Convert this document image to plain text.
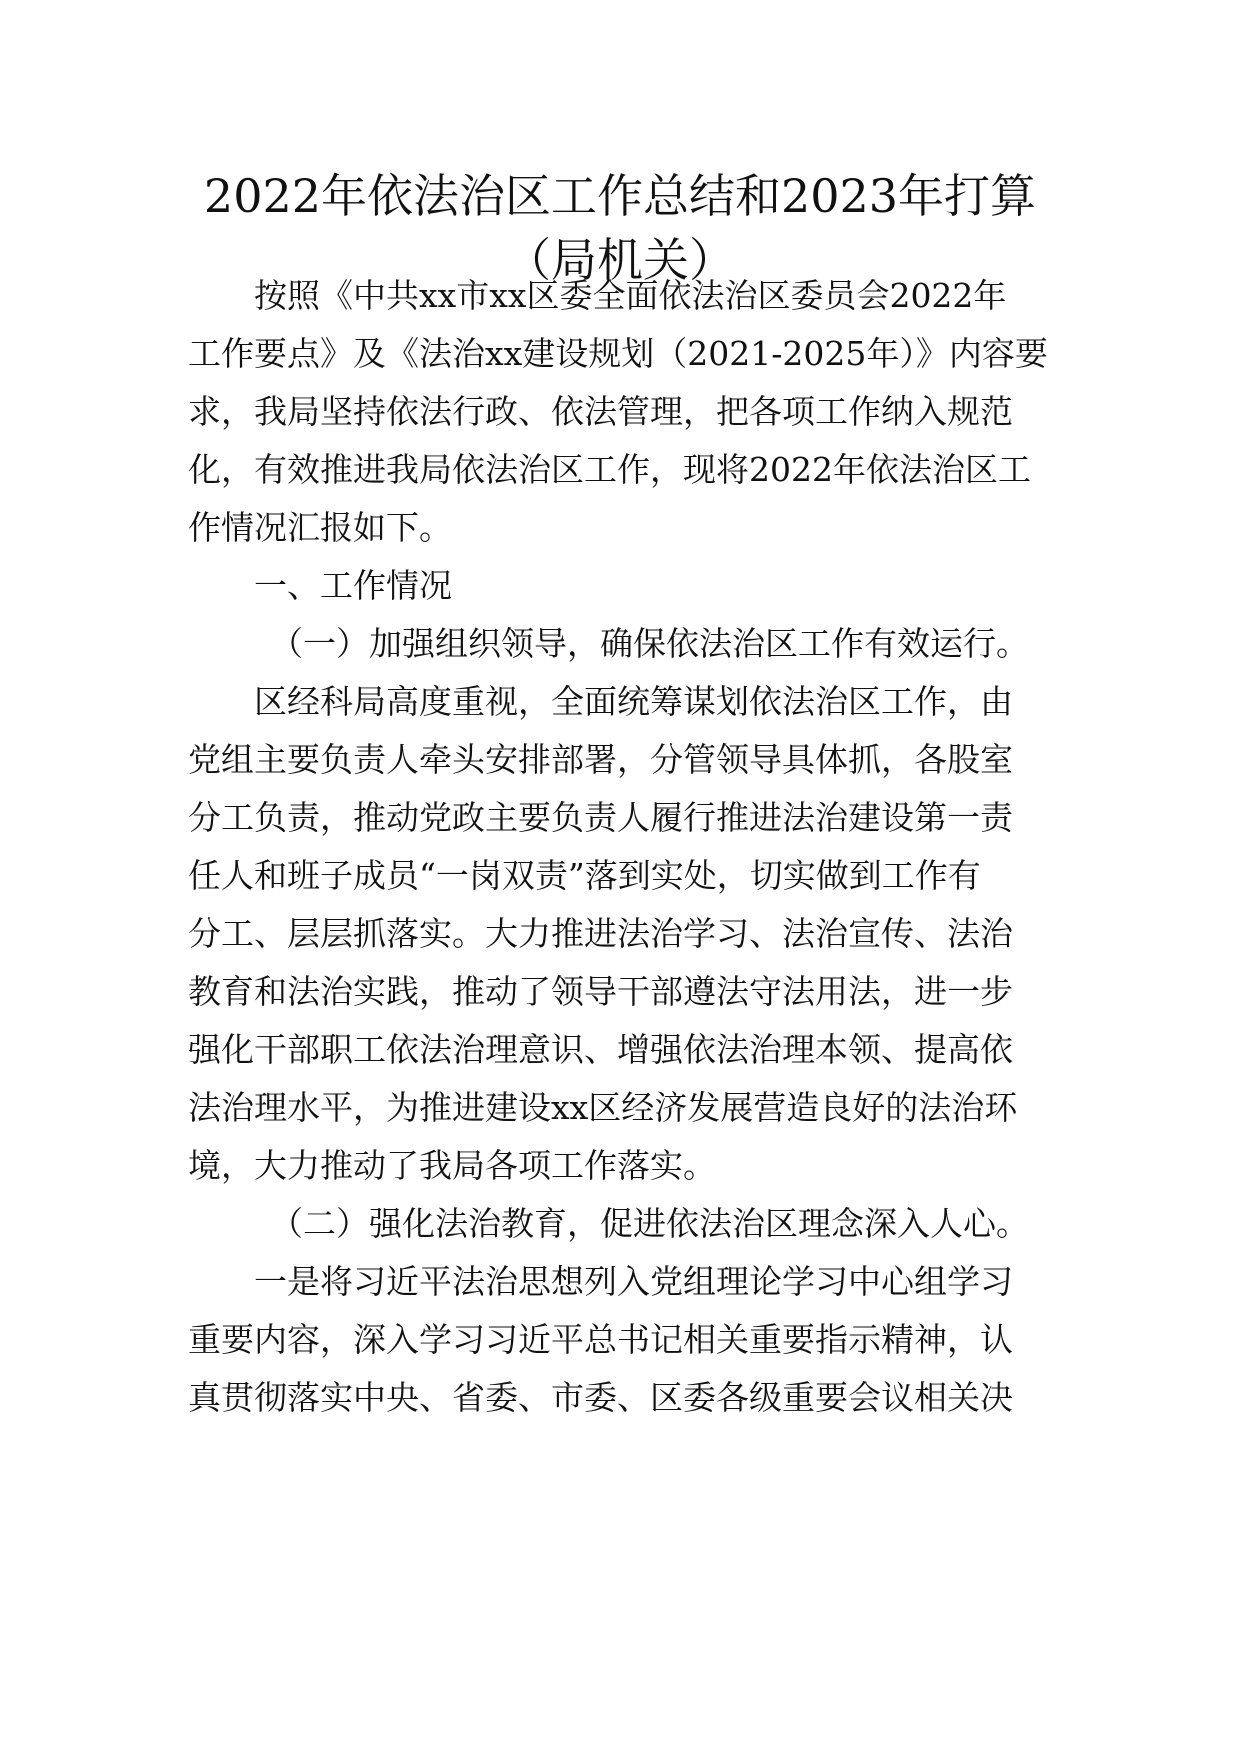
2022年依法治区工作总结和2023年打算
（局机关）
按照《中共xx市xx区委全面依法治区委员会2022年
工作要点》及《法治xx建设规划（2021-2025年）》内容要
求，我局坚持依法行政、依法管理，把各项工作纳入规范
化，有效推进我局依法治区工作，现将2022年依法治区工
作情况汇报如下。
一、工作情况
（一）加强组织领导，确保依法治区工作有效运行。
区经科局高度重视，全面统筹谋划依法治区工作，由
党组主要负责人牵头安排部署，分管领导具体抓，各股室
分工负责，推动党政主要负责人履行推进法治建设第一责
任人和班子成员“一岗双责”落到实处，切实做到工作有
分工、层层抓落实。大力推进法治学习、法治宣传、法治
教育和法治实践，推动了领导干部遵法守法用法，进一步
强化干部职工依法治理意识、增强依法治理本领、提高依
法治理水平，为推进建设xx区经济发展营造良好的法治环
境，大力推动了我局各项工作落实。
（二）强化法治教育，促进依法治区理念深入人心。
一是将习近平法治思想列入党组理论学习中心组学习
重要内容，深入学习习近平总书记相关重要指示精神，认
真贯彻落实中央、省委、市委、区委各级重要会议相关决
